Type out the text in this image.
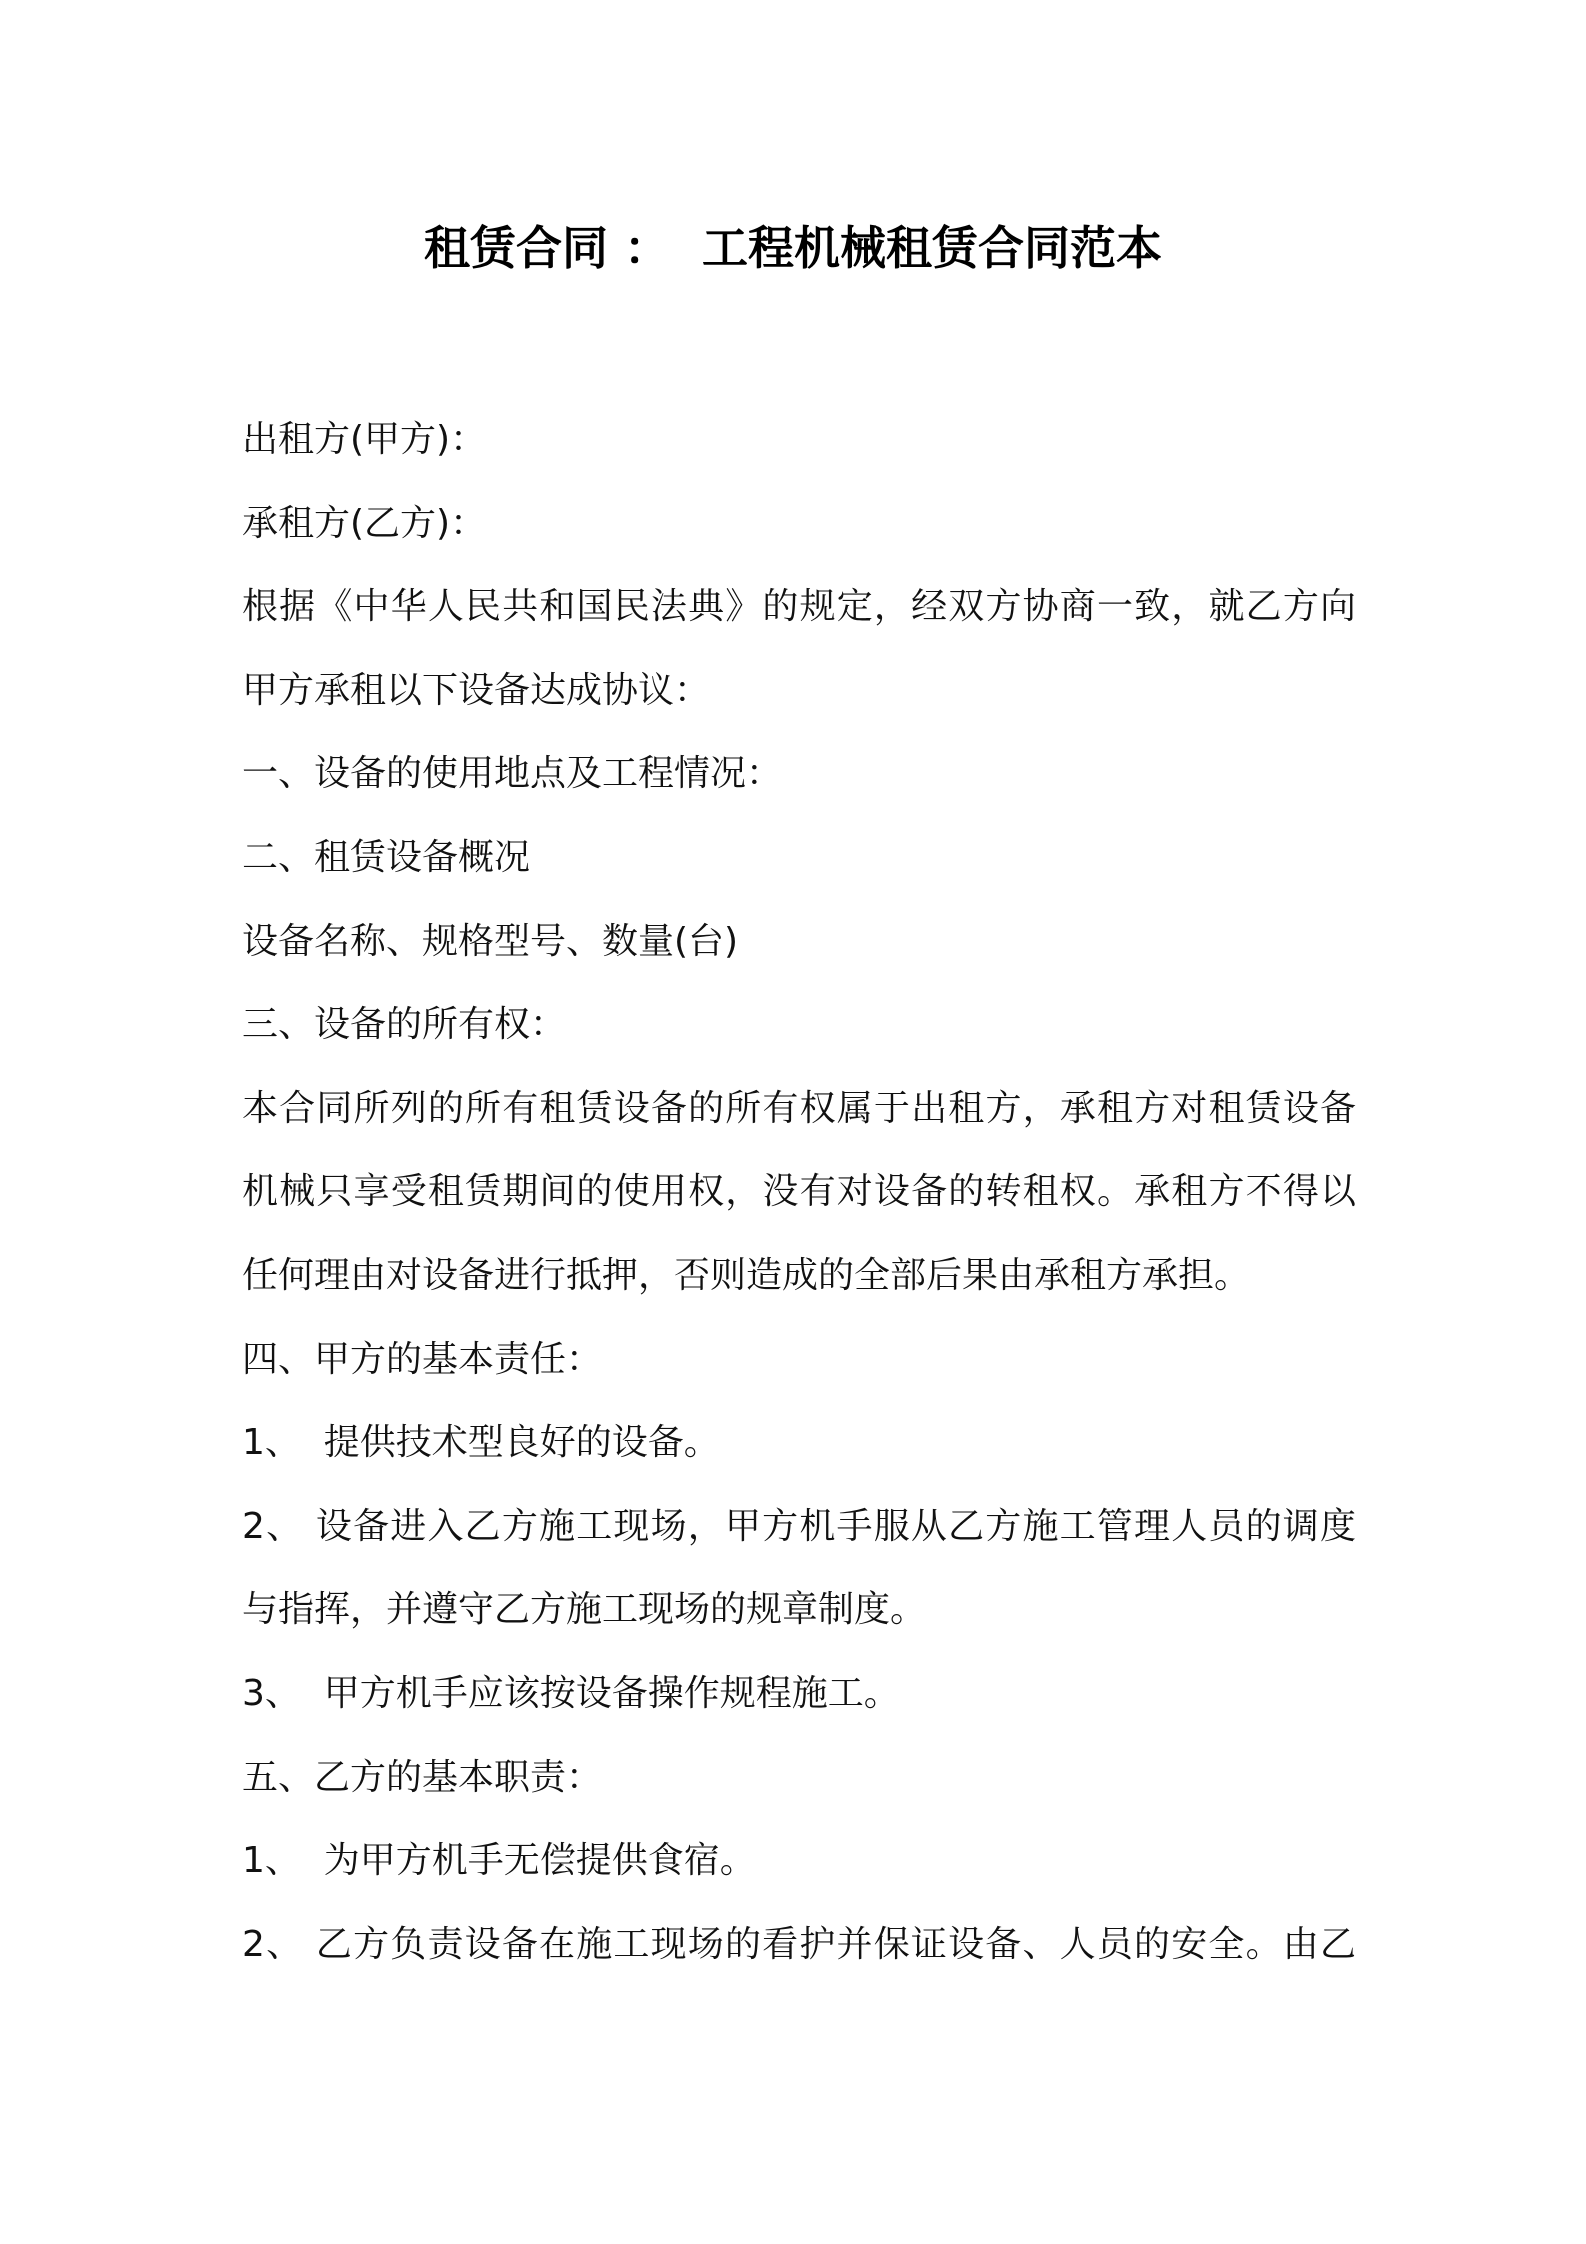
租赁合同 ：  工程机械租赁合同范本

出租方(甲方)：

承租方(乙方)：

根据《中华人民共和国民法典》的规定，经双方协商一致，就乙方向

甲方承租以下设备达成协议：

一、设备的使用地点及工程情况：

二、租赁设备概况

设备名称、规格型号、数量(台)

三、设备的所有权：

本合同所列的所有租赁设备的所有权属于出租方，承租方对租赁设备

机械只享受租赁期间的使用权，没有对设备的转租权。承租方不得以

任何理由对设备进行抵押，否则造成的全部后果由承租方承担。

四、甲方的基本责任：

1、  提供技术型良好的设备。

2、 设备进入乙方施工现场，甲方机手服从乙方施工管理人员的调度

与指挥，并遵守乙方施工现场的规章制度。

3、  甲方机手应该按设备操作规程施工。

五、乙方的基本职责：

1、  为甲方机手无偿提供食宿。

2、 乙方负责设备在施工现场的看护并保证设备、人员的安全。由乙
